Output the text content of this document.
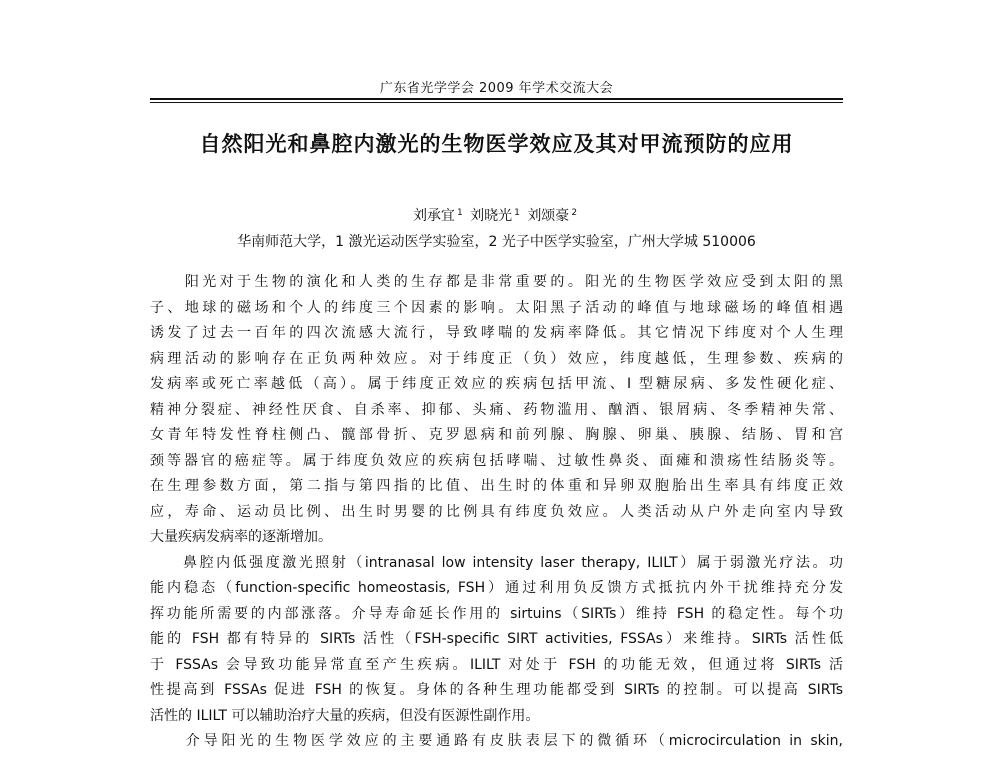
广东省光学学会 2009 年学术交流大会
自然阳光和鼻腔内激光的生物医学效应及其对甲流预防的应用
刘承宜 $^1$ 刘晓光 $^1$ 刘颂豪 $^2$
华南师范大学，1 激光运动医学实验室，2 光子中医学实验室，广州大学城 510006
　　阳光对于生物的演化和人类的生存都是非常重要的。阳光的生物医学效应受到太阳的黑
子、地球的磁场和个人的纬度三个因素的影响。太阳黑子活动的峰值与地球磁场的峰值相遇
诱发了过去一百年的四次流感大流行，导致哮喘的发病率降低。其它情况下纬度对个人生理
病理活动的影响存在正负两种效应。对于纬度正（负）效应，纬度越低，生理参数、疾病的
发病率或死亡率越低（高）。属于纬度正效应的疾病包括甲流、I 型糖尿病、多发性硬化症、
精神分裂症、神经性厌食、自杀率、抑郁、头痛、药物滥用、酗酒、银屑病、冬季精神失常、
女青年特发性脊柱侧凸、髋部骨折、克罗恩病和前列腺、胸腺、卵巢、胰腺、结肠、胃和宫
颈等器官的癌症等。属于纬度负效应的疾病包括哮喘、过敏性鼻炎、面瘫和溃疡性结肠炎等。
在生理参数方面，第二指与第四指的比值、出生时的体重和异卵双胞胎出生率具有纬度正效
应，寿命、运动员比例、出生时男婴的比例具有纬度负效应。人类活动从户外走向室内导致
大量疾病发病率的逐渐增加。
　　鼻腔内低强度激光照射（intranasal low intensity laser therapy, ILILT）属于弱激光疗法。功
能内稳态（function-specific homeostasis, FSH）通过利用负反馈方式抵抗内外干扰维持充分发
挥功能所需要的内部涨落。介导寿命延长作用的 sirtuins（SIRTs）维持 FSH 的稳定性。每个功
能的 FSH 都有特异的 SIRTs 活性（FSH-specific SIRT activities, FSSAs）来维持。SIRTs 活性低
于 FSSAs 会导致功能异常直至产生疾病。ILILT 对处于 FSH 的功能无效，但通过将 SIRTs 活
性提高到 FSSAs 促进 FSH 的恢复。身体的各种生理功能都受到 SIRTs 的控制。可以提高 SIRTs
活性的 ILILT 可以辅助治疗大量的疾病，但没有医源性副作用。
　　介导阳光的生物医学效应的主要通路有皮肤表层下的微循环（microcirculation in skin,
